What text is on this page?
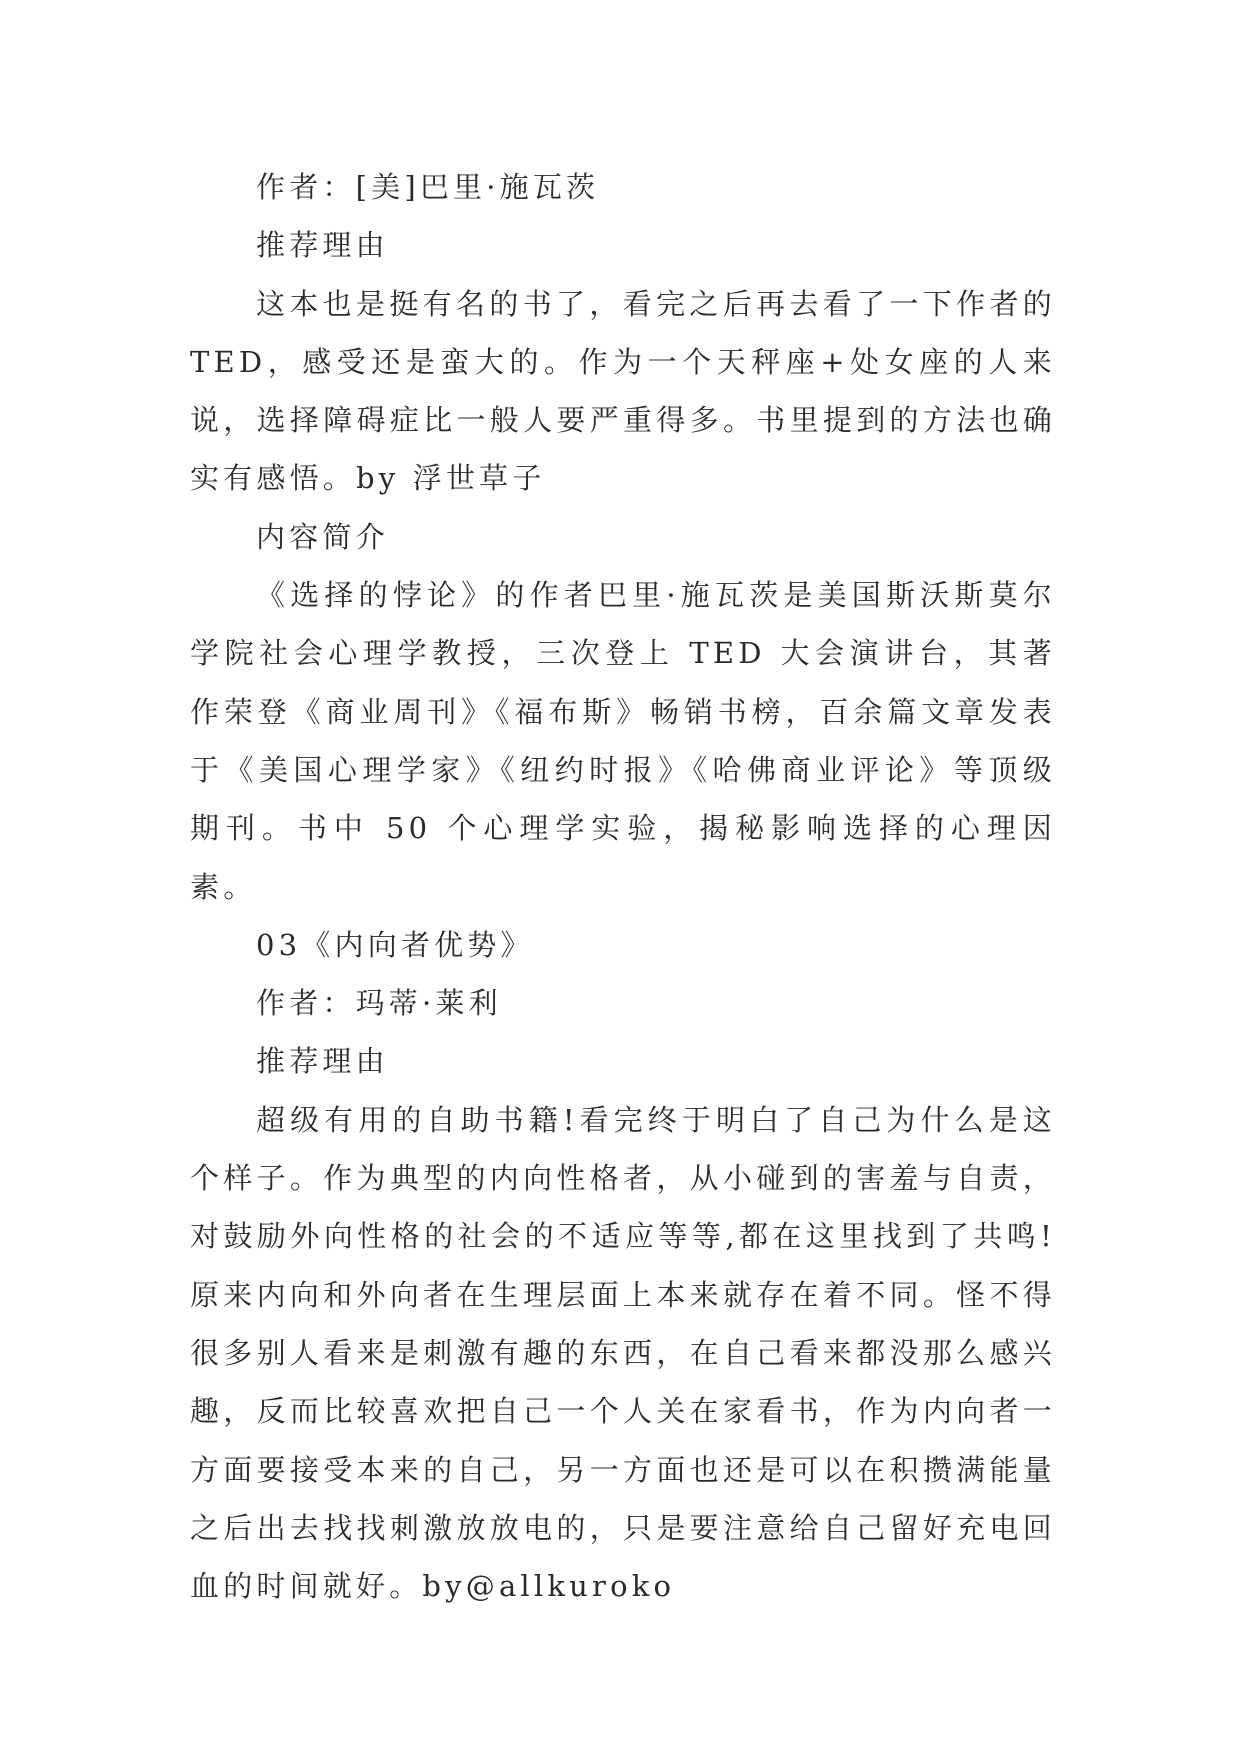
作者：[美]巴里·施瓦茨

推荐理由

这本也是挺有名的书了，看完之后再去看了一下作者的TED，感受还是蛮大的。作为一个天秤座+处女座的人来说，选择障碍症比一般人要严重得多。书里提到的方法也确实有感悟。by 浮世草子

内容简介

《选择的悖论》的作者巴里·施瓦茨是美国斯沃斯莫尔学院社会心理学教授，三次登上 TED 大会演讲台，其著作荣登《商业周刊》《福布斯》畅销书榜，百余篇文章发表于《美国心理学家》《纽约时报》《哈佛商业评论》等顶级期刊。书中 50 个心理学实验，揭秘影响选择的心理因素。

03《内向者优势》

作者：玛蒂·莱利

推荐理由

超级有用的自助书籍!看完终于明白了自己为什么是这个样子。作为典型的内向性格者，从小碰到的害羞与自责，对鼓励外向性格的社会的不适应等等,都在这里找到了共鸣!原来内向和外向者在生理层面上本来就存在着不同。怪不得很多别人看来是刺激有趣的东西，在自己看来都没那么感兴趣，反而比较喜欢把自己一个人关在家看书，作为内向者一方面要接受本来的自己，另一方面也还是可以在积攒满能量之后出去找找刺激放放电的，只是要注意给自己留好充电回血的时间就好。by@allkuroko
